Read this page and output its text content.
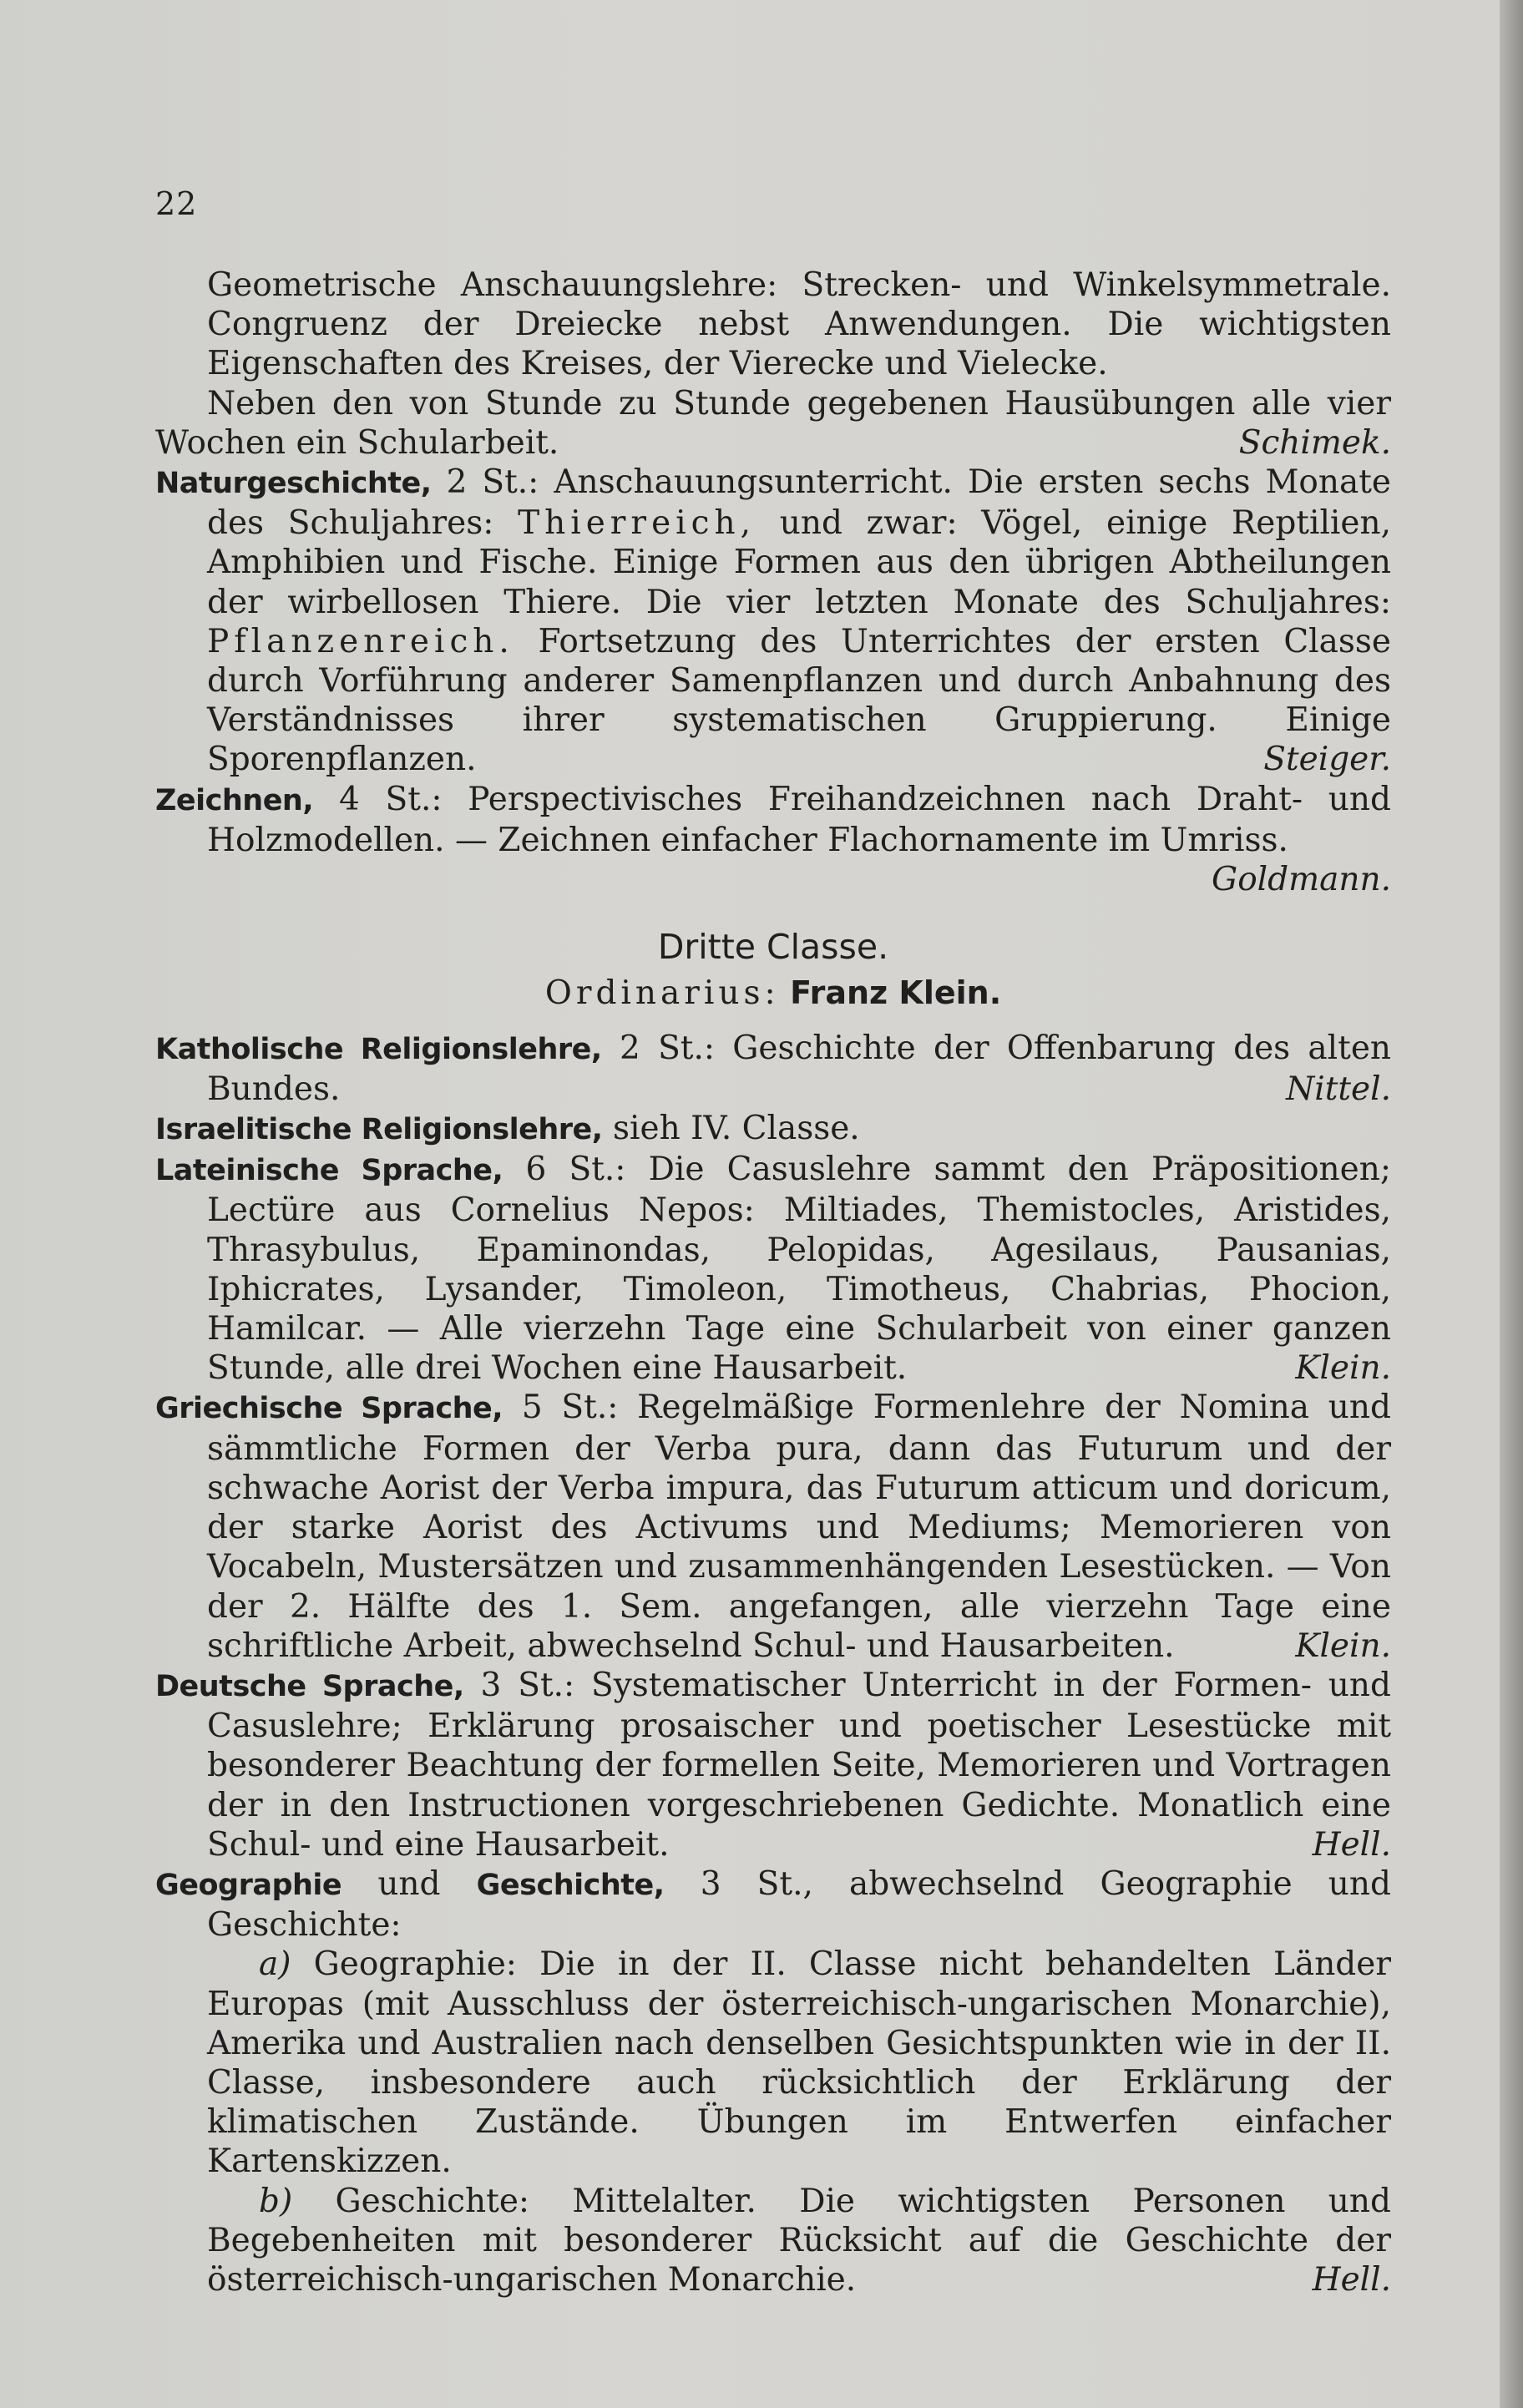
22

Geometrische Anschauungslehre: Strecken- und Winkelsymmetrale. Congruenz der Dreiecke nebst Anwendungen. Die wichtigsten Eigenschaften des Kreises, der Vierecke und Vielecke.

Neben den von Stunde zu Stunde gegebenen Hausübungen alle vier Wochen ein Schularbeit.	Schimek.

Naturgeschichte, 2 St.: Anschauungsunterricht. Die ersten sechs Monate des Schuljahres: Thierreich, und zwar: Vögel, einige Reptilien, Amphibien und Fische. Einige Formen aus den übrigen Abtheilungen der wirbellosen Thiere. Die vier letzten Monate des Schuljahres: Pflanzenreich. Fortsetzung des Unterrichtes der ersten Classe durch Vorführung anderer Samenpflanzen und durch Anbahnung des Verständnisses ihrer systematischen Gruppierung. Einige Sporenpflanzen.	Steiger.

Zeichnen, 4 St.: Perspectivisches Freihandzeichnen nach Draht- und Holzmodellen. — Zeichnen einfacher Flachornamente im Umriss.

Goldmann.
Dritte Classe.
Ordinarius: Franz Klein.

Katholische Religionslehre, 2 St.: Geschichte der Offenbarung des alten Bundes.	Nittel.

Israelitische Religionslehre, sieh IV. Classe.

Lateinische Sprache, 6 St.: Die Casuslehre sammt den Präpositionen; Lectüre aus Cornelius Nepos: Miltiades, Themistocles, Aristides, Thrasybulus, Epaminondas, Pelopidas, Agesilaus, Pausanias, Iphicrates, Lysander, Timoleon, Timotheus, Chabrias, Phocion, Hamilcar. — Alle vierzehn Tage eine Schularbeit von einer ganzen Stunde, alle drei Wochen eine Hausarbeit.	Klein.

Griechische Sprache, 5 St.: Regelmäßige Formenlehre der Nomina und sämmtliche Formen der Verba pura, dann das Futurum und der schwache Aorist der Verba impura, das Futurum atticum und doricum, der starke Aorist des Activums und Mediums; Memorieren von Vocabeln, Mustersätzen und zusammenhängenden Lesestücken. — Von der 2. Hälfte des 1. Sem. angefangen, alle vierzehn Tage eine schriftliche Arbeit, abwechselnd Schul- und Hausarbeiten.	Klein.

Deutsche Sprache, 3 St.: Systematischer Unterricht in der Formen- und Casuslehre; Erklärung prosaischer und poetischer Lesestücke mit besonderer Beachtung der formellen Seite, Memorieren und Vortragen der in den Instructionen vorgeschriebenen Gedichte. Monatlich eine Schul- und eine Hausarbeit.	Hell.

Geographie und Geschichte, 3 St., abwechselnd Geographie und Geschichte:

a) Geographie: Die in der II. Classe nicht behandelten Länder Europas (mit Ausschluss der österreichisch-ungarischen Monarchie), Amerika und Australien nach denselben Gesichtspunkten wie in der II. Classe, insbesondere auch rücksichtlich der Erklärung der klimatischen Zustände. Übungen im Entwerfen einfacher Kartenskizzen.

b) Geschichte: Mittelalter. Die wichtigsten Personen und Begebenheiten mit besonderer Rücksicht auf die Geschichte der österreichisch-ungarischen Monarchie.	Hell.
